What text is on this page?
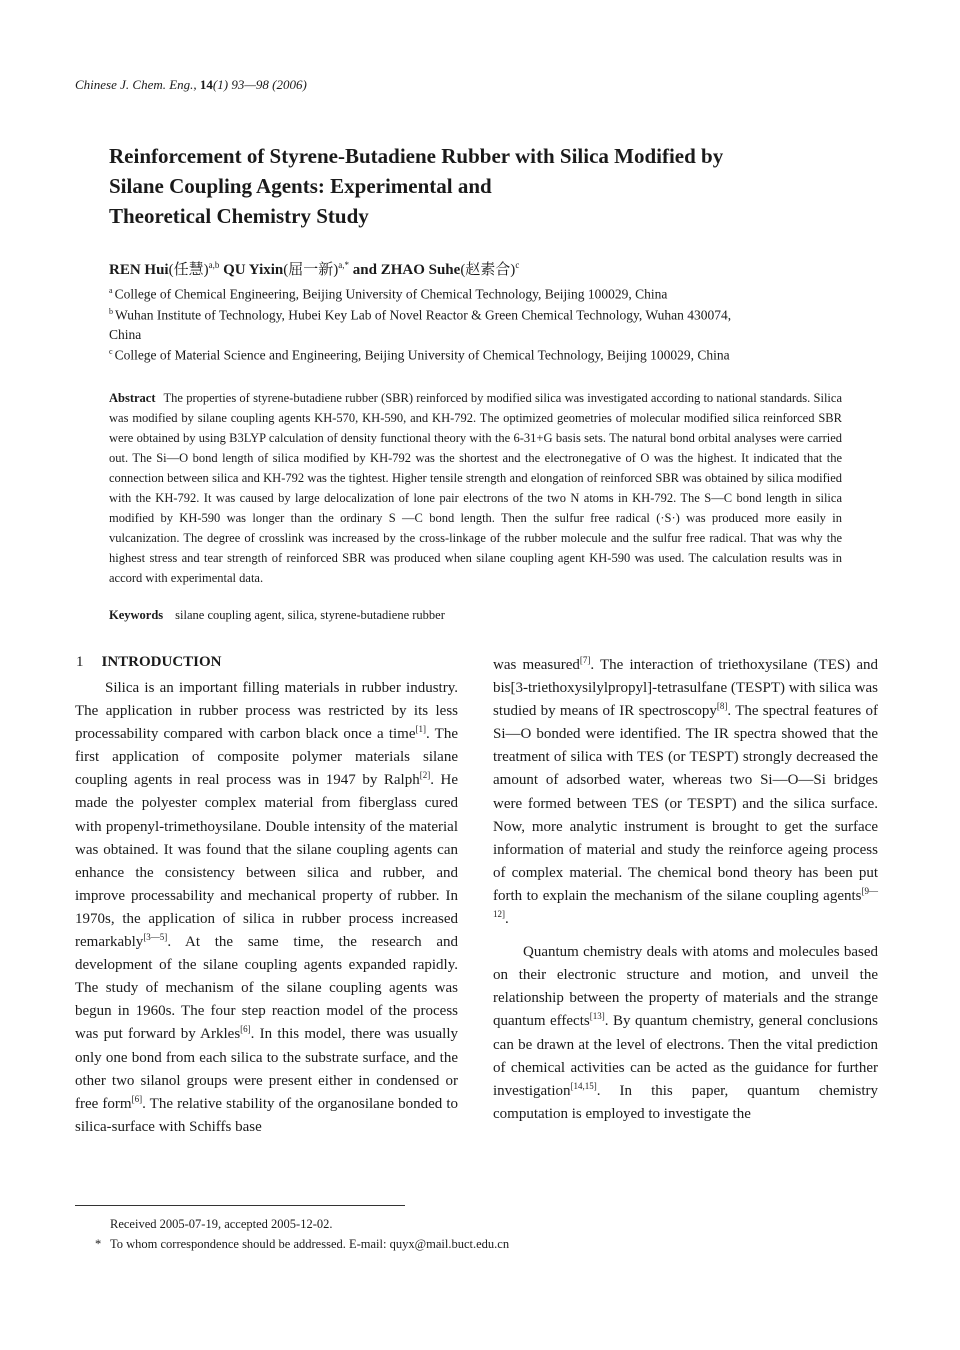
Chinese J. Chem. Eng., 14(1) 93—98 (2006)
Reinforcement of Styrene-Butadiene Rubber with Silica Modified by
Silane Coupling Agents: Experimental and
Theoretical Chemistry Study
REN Hui(任慧)$^{a,b}$ QU Yixin(屈一新)$^{a,*}$ and ZHAO Suhe(赵素合)$^c$
$^a$ College of Chemical Engineering, Beijing University of Chemical Technology, Beijing 100029, China
$^b$ Wuhan Institute of Technology, Hubei Key Lab of Novel Reactor & Green Chemical Technology, Wuhan 430074,
China
$^c$ College of Material Science and Engineering, Beijing University of Chemical Technology, Beijing 100029, China

Abstract The properties of styrene-butadiene rubber (SBR) reinforced by modified silica was investigated according to national standards. Silica was modified by silane coupling agents KH-570, KH-590, and KH-792. The optimized geometries of molecular modified silica reinforced SBR were obtained by using B3LYP calculation of density functional theory with the 6-31+G basis sets. The natural bond orbital analyses were carried out. The Si—O bond length of silica modified by KH-792 was the shortest and the electronegative of O was the highest. It indicated that the connection between silica and KH-792 was the tightest. Higher tensile strength and elongation of reinforced SBR was obtained by silica modified with the KH-792. It was caused by large delocalization of lone pair electrons of the two N atoms in KH-792. The S—C bond length in silica modified by KH-590 was longer than the ordinary S —C bond length. Then the sulfur free radical (·S·) was produced more easily in vulcanization. The degree of crosslink was increased by the cross-linkage of the rubber molecule and the sulfur free radical. That was why the highest stress and tear strength of reinforced SBR was produced when silane coupling agent KH-590 was used. The calculation results was in accord with experimental data.

Keywords silane coupling agent, silica, styrene-butadiene rubber
1 INTRODUCTION

Silica is an important filling materials in rubber industry. The application in rubber process was restricted by its less processability compared with carbon black once a time[1]. The first application of composite polymer materials silane coupling agents in real process was in 1947 by Ralph[2]. He made the polyester complex material from fiberglass cured with propenyl-trimethoysilane. Double intensity of the material was obtained. It was found that the silane coupling agents can enhance the consistency between silica and rubber, and improve processability and mechanical property of rubber. In 1970s, the application of silica in rubber process increased remarkably[3—5]. At the same time, the research and development of the silane coupling agents expanded rapidly. The study of mechanism of the silane coupling agents was begun in 1960s. The four step reaction model of the process was put forward by Arkles[6]. In this model, there was usually only one bond from each silica to the substrate surface, and the other two silanol groups were present either in condensed or free form[6]. The relative stability of the organosilane bonded to silica-surface with Schiffs base

was measured[7]. The interaction of triethoxysilane (TES) and bis[3-triethoxysilylpropyl]-tetrasulfane (TESPT) with silica was studied by means of IR spectroscopy[8]. The spectral features of Si—O bonded were identified. The IR spectra showed that the treatment of silica with TES (or TESPT) strongly decreased the amount of adsorbed water, whereas two Si—O—Si bridges were formed between TES (or TESPT) and the silica surface. Now, more analytic instrument is brought to get the surface information of material and study the reinforce ageing process of complex material. The chemical bond theory has been put forth to explain the mechanism of the silane coupling agents[9—12].

Quantum chemistry deals with atoms and molecules based on their electronic structure and motion, and unveil the relationship between the property of materials and the strange quantum effects[13]. By quantum chemistry, general conclusions can be drawn at the level of electrons. Then the vital prediction of chemical activities can be acted as the guidance for further investigation[14,15]. In this paper, quantum chemistry computation is employed to investigate the

Received 2005-07-19, accepted 2005-12-02.
* To whom correspondence should be addressed. E-mail: quyx@mail.buct.edu.cn
